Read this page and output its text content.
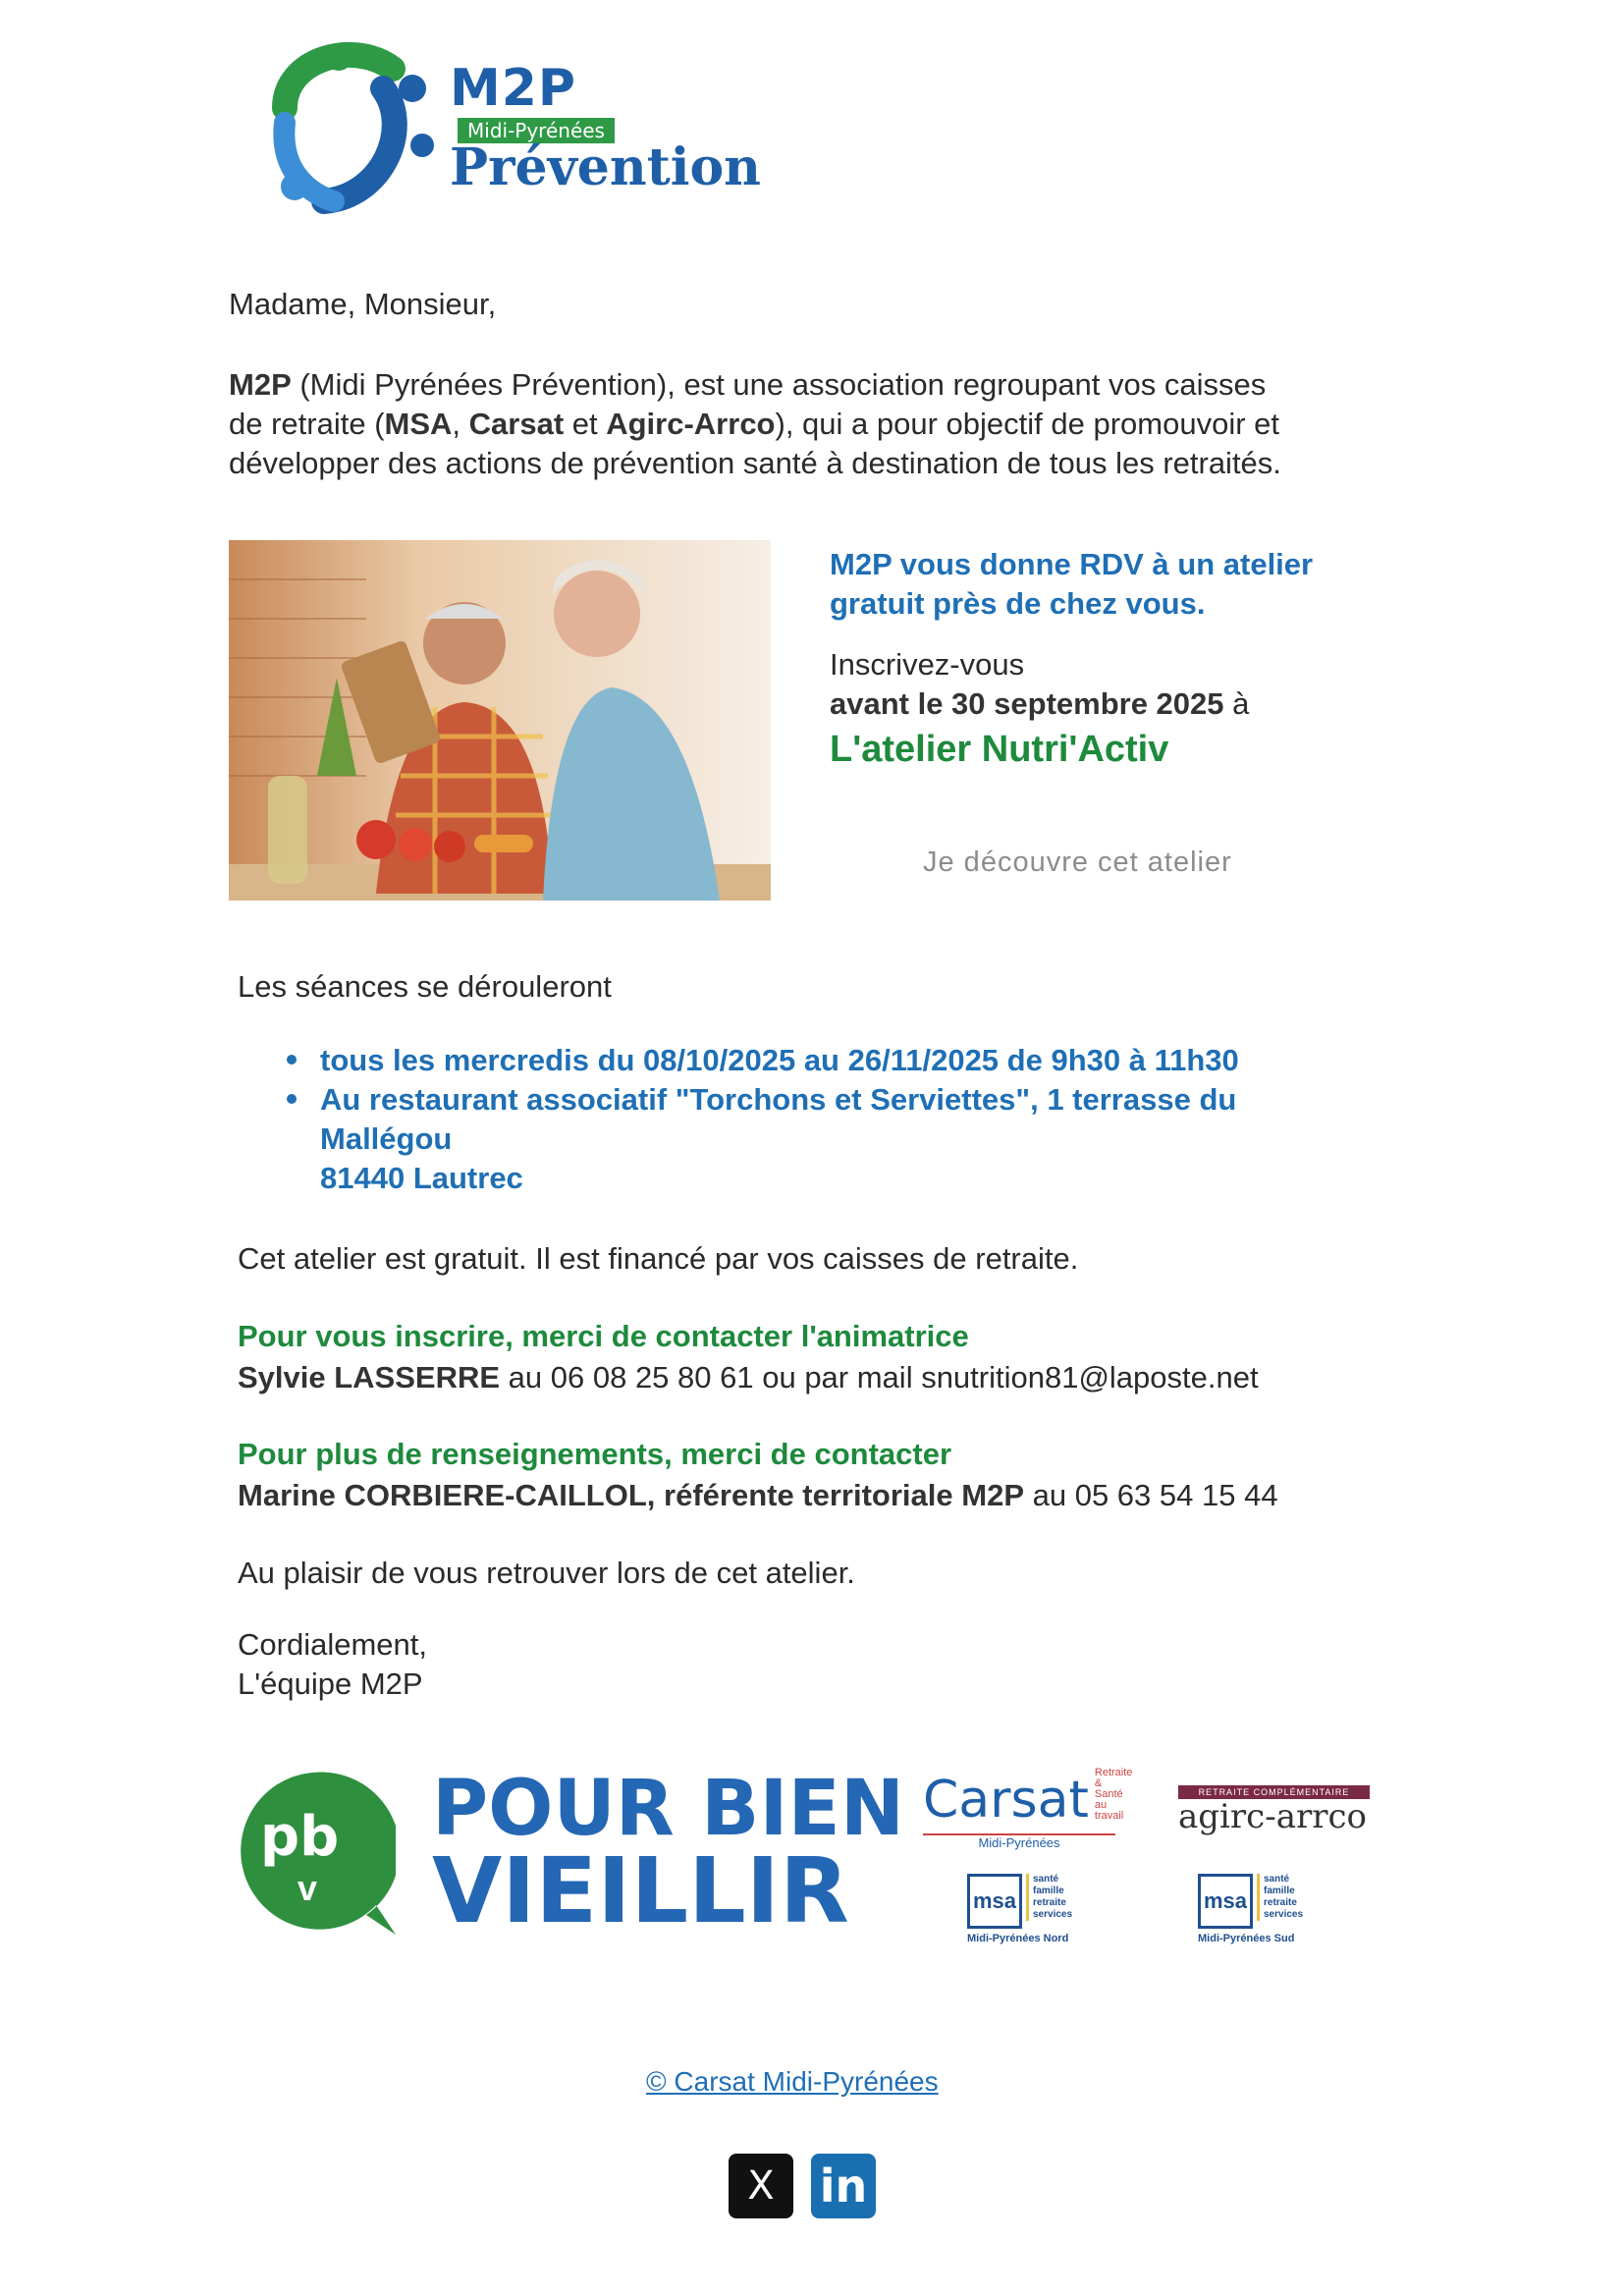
M2P
Midi-Pyrénées
Prévention
Madame, Monsieur,
M2P (Midi Pyrénées Prévention), est une association regroupant vos caisses
de retraite (MSA, Carsat et Agirc-Arrco), qui a pour objectif de promouvoir et
développer des actions de prévention santé à destination de tous les retraités.
M2P vous donne RDV à un atelier
gratuit près de chez vous.
Inscrivez-vous
avant le 30 septembre 2025 à
L'atelier Nutri'Activ
Je découvre cet atelier
Les séances se dérouleront
tous les mercredis du 08/10/2025 au 26/11/2025 de 9h30 à 11h30
Au restaurant associatif "Torchons et Serviettes", 1 terrasse du
Mallégou
81440 Lautrec
Cet atelier est gratuit. Il est financé par vos caisses de retraite.
Pour vous inscrire, merci de contacter l'animatrice
Sylvie LASSERRE au 06 08 25 80 61 ou par mail snutrition81@laposte.net
Pour plus de renseignements, merci de contacter
Marine CORBIERE-CAILLOL, référente territoriale M2P au 05 63 54 15 44
Au plaisir de vous retrouver lors de cet atelier.
Cordialement,
L'équipe M2P
pb
v
POUR BIEN
VIEILLIR
Carsat Retraite
& Santé
au travail
Midi-Pyrénées
RETRAITE COMPLÉMENTAIRE
agirc-arrco
msa
santé
famille
retraite
services
Midi-Pyrénées Nord
msa
santé
famille
retraite
services
Midi-Pyrénées Sud
© Carsat Midi-Pyrénées
X in
